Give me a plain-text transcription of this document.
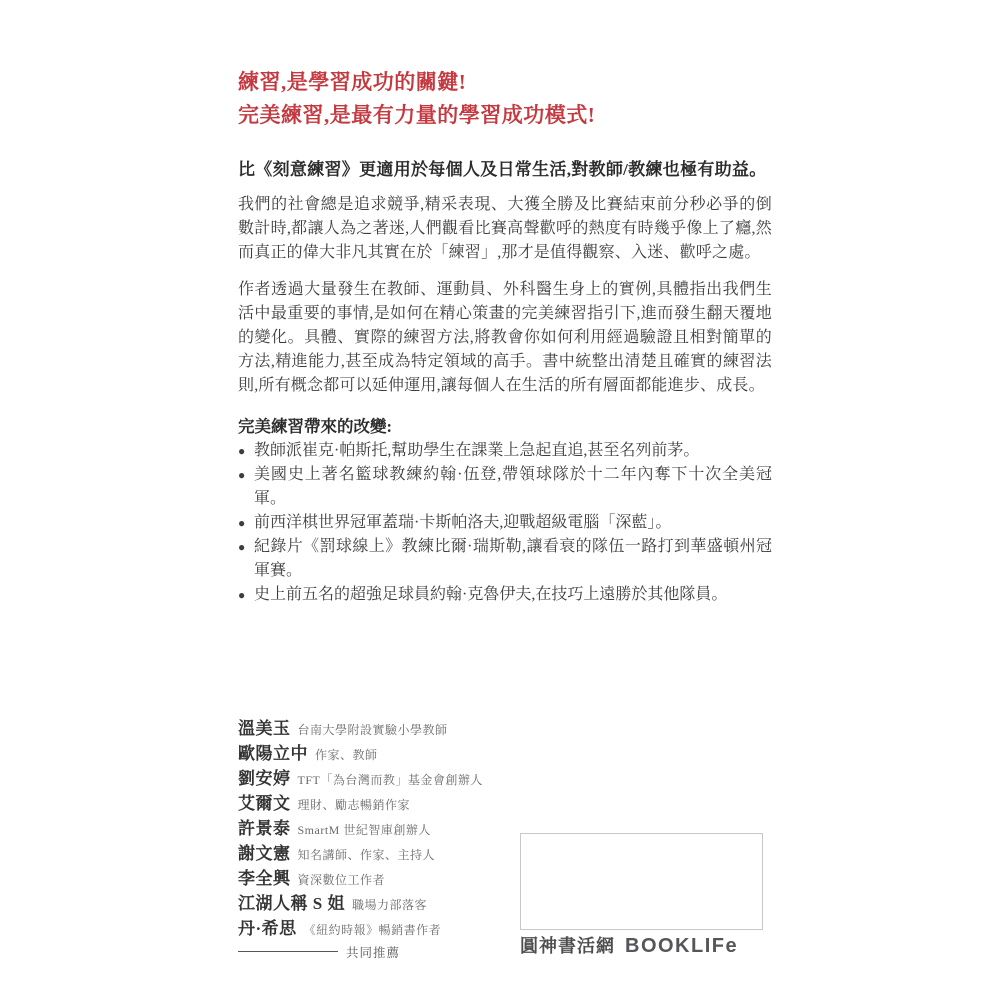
練習,是學習成功的關鍵!
完美練習,是最有力量的學習成功模式!

比《刻意練習》更適用於每個人及日常生活,對教師/教練也極有助益。

我們的社會總是追求競爭,精采表現、大獲全勝及比賽結束前分秒必爭的倒數計時,都讓人為之著迷,人們觀看比賽高聲歡呼的熱度有時幾乎像上了癮,然而真正的偉大非凡其實在於「練習」,那才是值得觀察、入迷、歡呼之處。

作者透過大量發生在教師、運動員、外科醫生身上的實例,具體指出我們生活中最重要的事情,是如何在精心策畫的完美練習指引下,進而發生翻天覆地的變化。具體、實際的練習方法,將教會你如何利用經過驗證且相對簡單的方法,精進能力,甚至成為特定領域的高手。書中統整出清楚且確實的練習法則,所有概念都可以延伸運用,讓每個人在生活的所有層面都能進步、成長。

完美練習帶來的改變:

● 教師派崔克·帕斯托,幫助學生在課業上急起直追,甚至名列前茅。
● 美國史上著名籃球教練約翰·伍登,帶領球隊於十二年內奪下十次全美冠軍。
● 前西洋棋世界冠軍蓋瑞·卡斯帕洛夫,迎戰超級電腦「深藍」。
● 紀錄片《罰球線上》教練比爾·瑞斯勒,讓看衰的隊伍一路打到華盛頓州冠軍賽。
● 史上前五名的超強足球員約翰·克魯伊夫,在技巧上遠勝於其他隊員。
溫美玉 台南大學附設實驗小學教師
歐陽立中 作家、教師
劉安婷 TFT「為台灣而教」基金會創辦人
艾爾文 理財、勵志暢銷作家
許景泰 SmartM 世紀智庫創辦人
謝文憲 知名講師、作家、主持人
李全興 資深數位工作者
江湖人稱 S 姐 職場力部落客
丹·希思 《紐約時報》暢銷書作者
共同推薦	圓神書活網 BOOKLIFe
